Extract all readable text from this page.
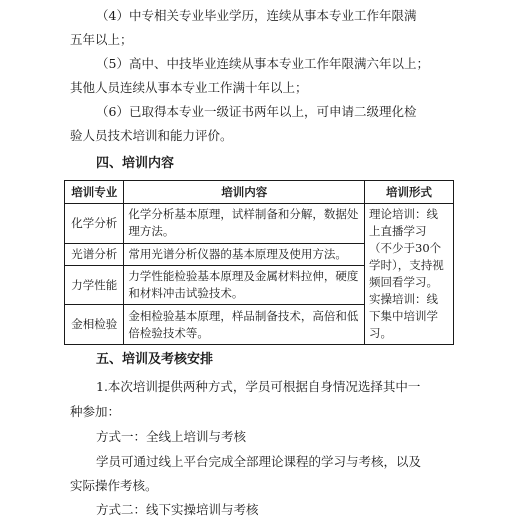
（4）中专相关专业毕业学历，连续从事本专业工作年限满
五年以上；
（5）高中、中技毕业连续从事本专业工作年限满六年以上；
其他人员连续从事本专业工作满十年以上；
（6）已取得本专业一级证书两年以上，可申请二级理化检
验人员技术培训和能力评价。
四、培训内容
培训专业	培训内容	培训形式
化学分析	化学分析基本原理，试样制备和分解，数据处理方法。	理论培训：线上直播学习（不少于30个学时），支持视频回看学习。实操培训：线下集中培训学习。
光谱分析	常用光谱分析仪器的基本原理及使用方法。	
力学性能	力学性能检验基本原理及金属材料拉伸，硬度和材料冲击试验技术。	
金相检验	金相检验基本原理，样品制备技术，高倍和低倍检验技术等。	
五、培训及考核安排
1.本次培训提供两种方式，学员可根据自身情况选择其中一
种参加：
方式一：全线上培训与考核
学员可通过线上平台完成全部理论课程的学习与考核，以及
实际操作考核。
方式二：线下实操培训与考核
